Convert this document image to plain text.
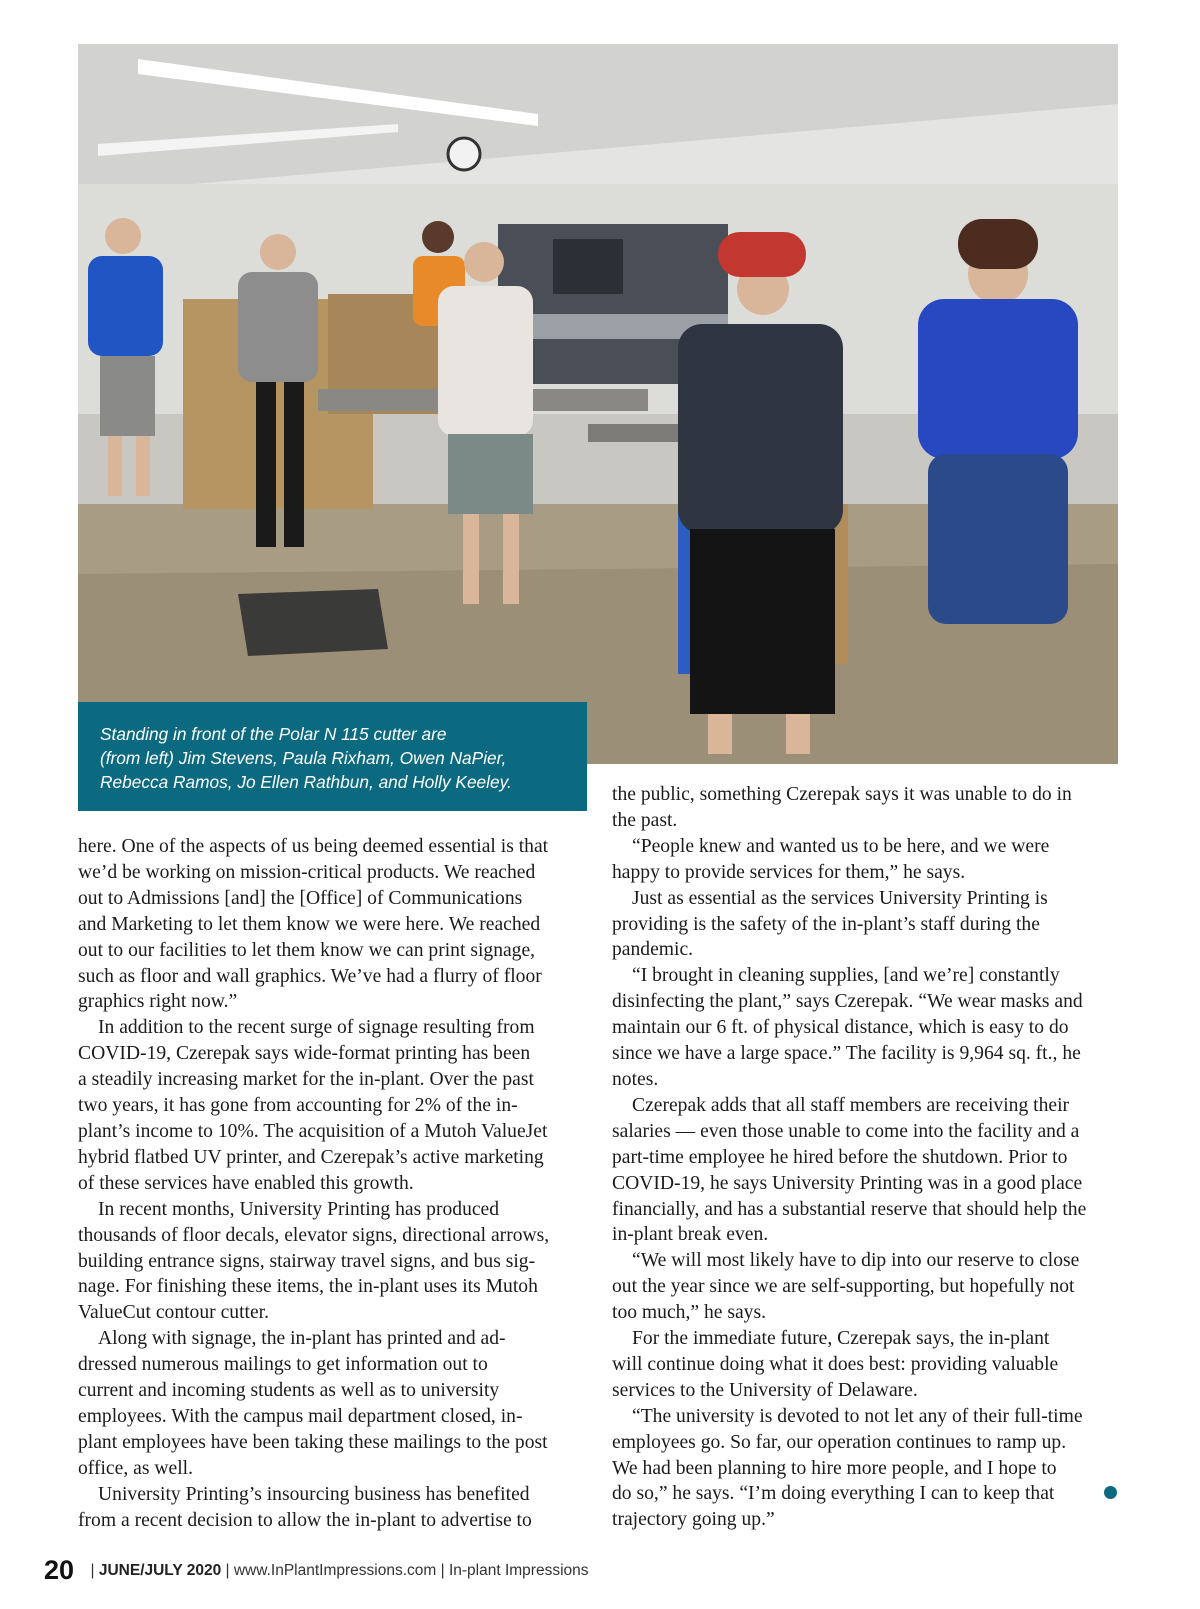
Standing in front of the Polar N 115 cutter are

(from left) Jim Stevens, Paula Rixham, Owen NaPier,

Rebecca Ramos, Jo Ellen Rathbun, and Holly Keeley.

here. One of the aspects of us being deemed essential is that

we’d be working on mission-critical products. We reached

out to Admissions [and] the [Office] of Communications

and Marketing to let them know we were here. We reached

out to our facilities to let them know we can print signage,

such as floor and wall graphics. We’ve had a flurry of floor

graphics right now.”

In addition to the recent surge of signage resulting from

COVID-19, Czerepak says wide-format printing has been

a steadily increasing market for the in-plant. Over the past

two years, it has gone from accounting for 2% of the in-

plant’s income to 10%. The acquisition of a Mutoh ValueJet

hybrid flatbed UV printer, and Czerepak’s active marketing

of these services have enabled this growth.

In recent months, University Printing has produced

thousands of floor decals, elevator signs, directional arrows,

building entrance signs, stairway travel signs, and bus sig-

nage. For finishing these items, the in-plant uses its Mutoh

ValueCut contour cutter.

Along with signage, the in-plant has printed and ad-

dressed numerous mailings to get information out to

current and incoming students as well as to university

employees. With the campus mail department closed, in-

plant employees have been taking these mailings to the post

office, as well.

University Printing’s insourcing business has benefited

from a recent decision to allow the in-plant to advertise to

the public, something Czerepak says it was unable to do in

the past.

“People knew and wanted us to be here, and we were

happy to provide services for them,” he says.

Just as essential as the services University Printing is

providing is the safety of the in-plant’s staff during the

pandemic.

“I brought in cleaning supplies, [and we’re] constantly

disinfecting the plant,” says Czerepak. “We wear masks and

maintain our 6 ft. of physical distance, which is easy to do

since we have a large space.” The facility is 9,964 sq. ft., he

notes.

Czerepak adds that all staff members are receiving their

salaries — even those unable to come into the facility and a

part-time employee he hired before the shutdown. Prior to

COVID-19, he says University Printing was in a good place

financially, and has a substantial reserve that should help the

in-plant break even.

“We will most likely have to dip into our reserve to close

out the year since we are self-supporting, but hopefully not

too much,” he says.

For the immediate future, Czerepak says, the in-plant

will continue doing what it does best: providing valuable

services to the University of Delaware.

“The university is devoted to not let any of their full-time

employees go. So far, our operation continues to ramp up.

We had been planning to hire more people, and I hope to

do so,” he says. “I’m doing everything I can to keep that

trajectory going up.”

20 | JUNE/JULY 2020 | www.InPlantImpressions.com | In-plant Impressions
